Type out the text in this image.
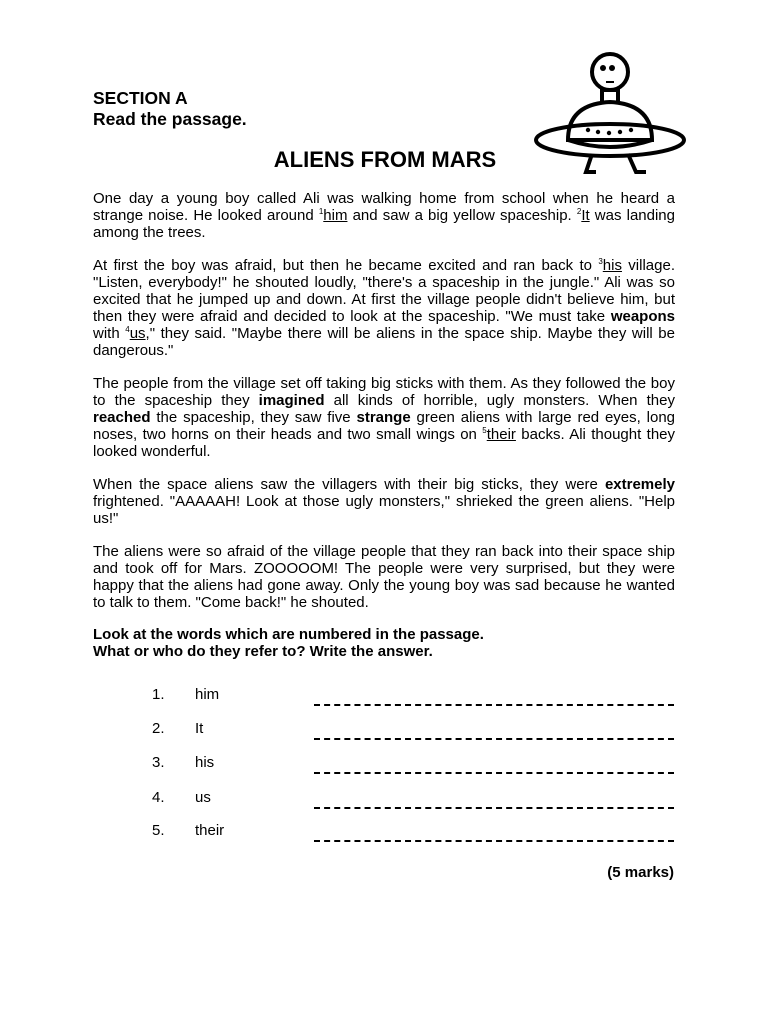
SECTION A
Read the passage.
ALIENS FROM MARS

One day a young boy called Ali was walking home from school when he heard a strange noise. He looked around $^1$him and saw a big yellow spaceship. $^2$It was landing among the trees.

At first the boy was afraid, but then he became excited and ran back to $^3$his village. "Listen, everybody!" he shouted loudly, "there's a spaceship in the jungle." Ali was so excited that he jumped up and down. At first the village people didn't believe him, but then they were afraid and decided to look at the spaceship. "We must take weapons with $^4$us," they said. "Maybe there will be aliens in the space ship. Maybe they will be dangerous."

The people from the village set off taking big sticks with them. As they followed the boy to the spaceship they imagined all kinds of horrible, ugly monsters. When they reached the spaceship, they saw five strange green aliens with large red eyes, long noses, two horns on their heads and two small wings on $^5$their backs. Ali thought they looked wonderful.

When the space aliens saw the villagers with their big sticks, they were extremely frightened. "AAAAAH! Look at those ugly monsters," shrieked the green aliens. "Help us!"

The aliens were so afraid of the village people that they ran back into their space ship and took off for Mars. ZOOOOOM! The people were very surprised, but they were happy that the aliens had gone away. Only the young boy was sad because he wanted to talk to them. "Come back!" he shouted.

Look at the words which are numbered in the passage.
What or who do they refer to? Write the answer.
1. him
2. It
3. his
4. us
5. their
(5 marks)
